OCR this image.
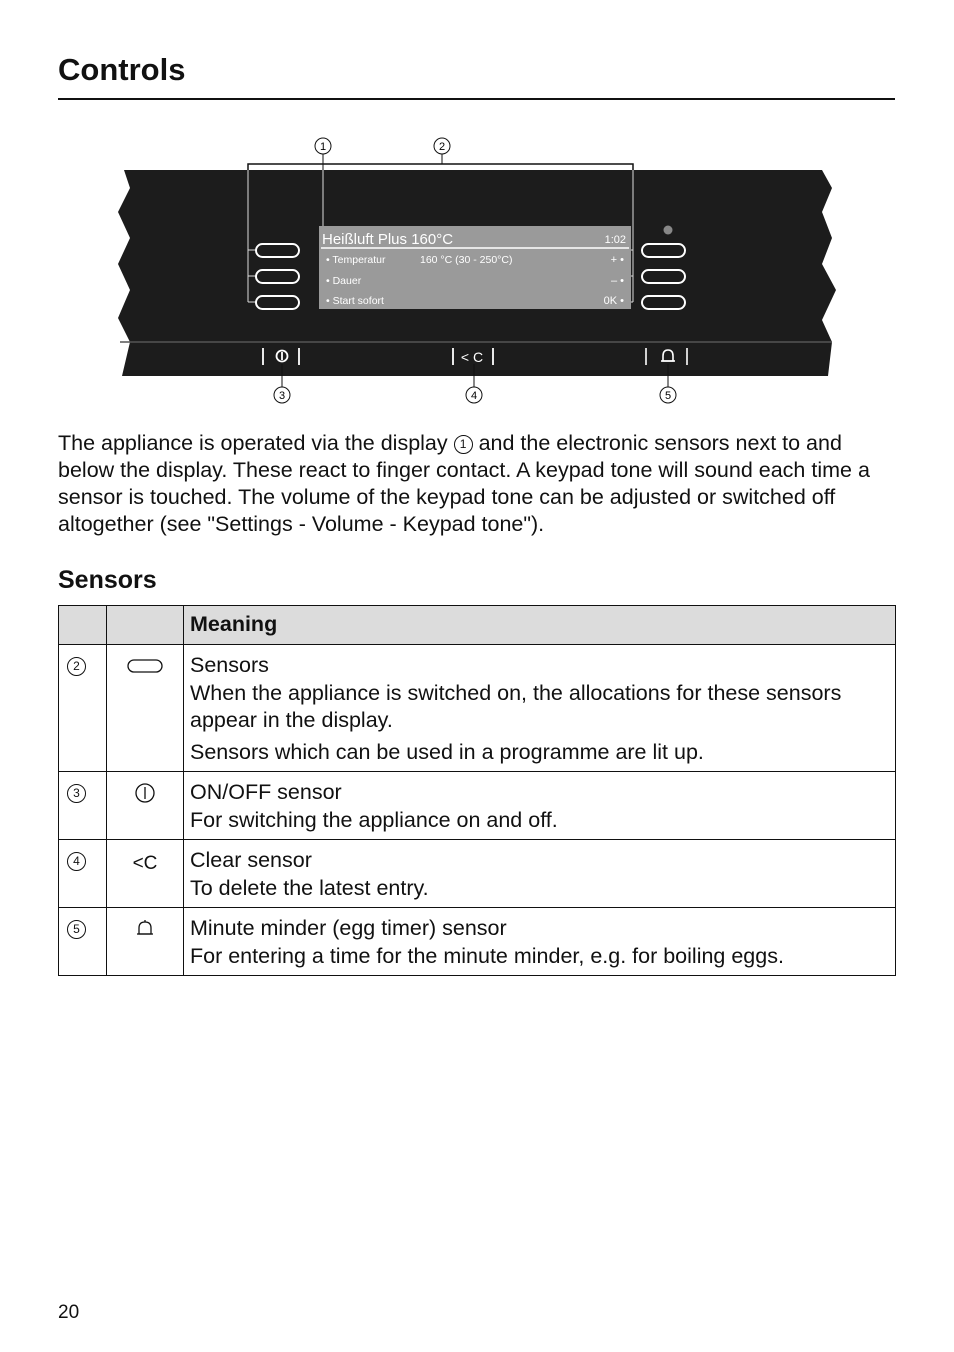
Controls
1	2
Heißluft Plus 160°C	1:02
• Temperatur	160 °C (30 - 250°C)	+ •
• Dauer	– •
• Start sofort	0K •
< C
3	4	5

The appliance is operated via the display 1 and the electronic sensors next to and below the display. These react to finger contact. A keypad tone will sound each time a sensor is touched. The volume of the keypad tone can be adjusted or switched off altogether (see "Settings - Volume - Keypad tone").

Sensors
		Meaning
2		Sensors
When the appliance is switched on, the allocations for these sensors appear in the display.
Sensors which can be used in a programme are lit up.

3		ON/OFF sensor
For switching the appliance on and off.

4	<C	Clear sensor
To delete the latest entry.

5		Minute minder (egg timer) sensor
For entering a time for the minute minder, e.g. for boiling eggs.
20
